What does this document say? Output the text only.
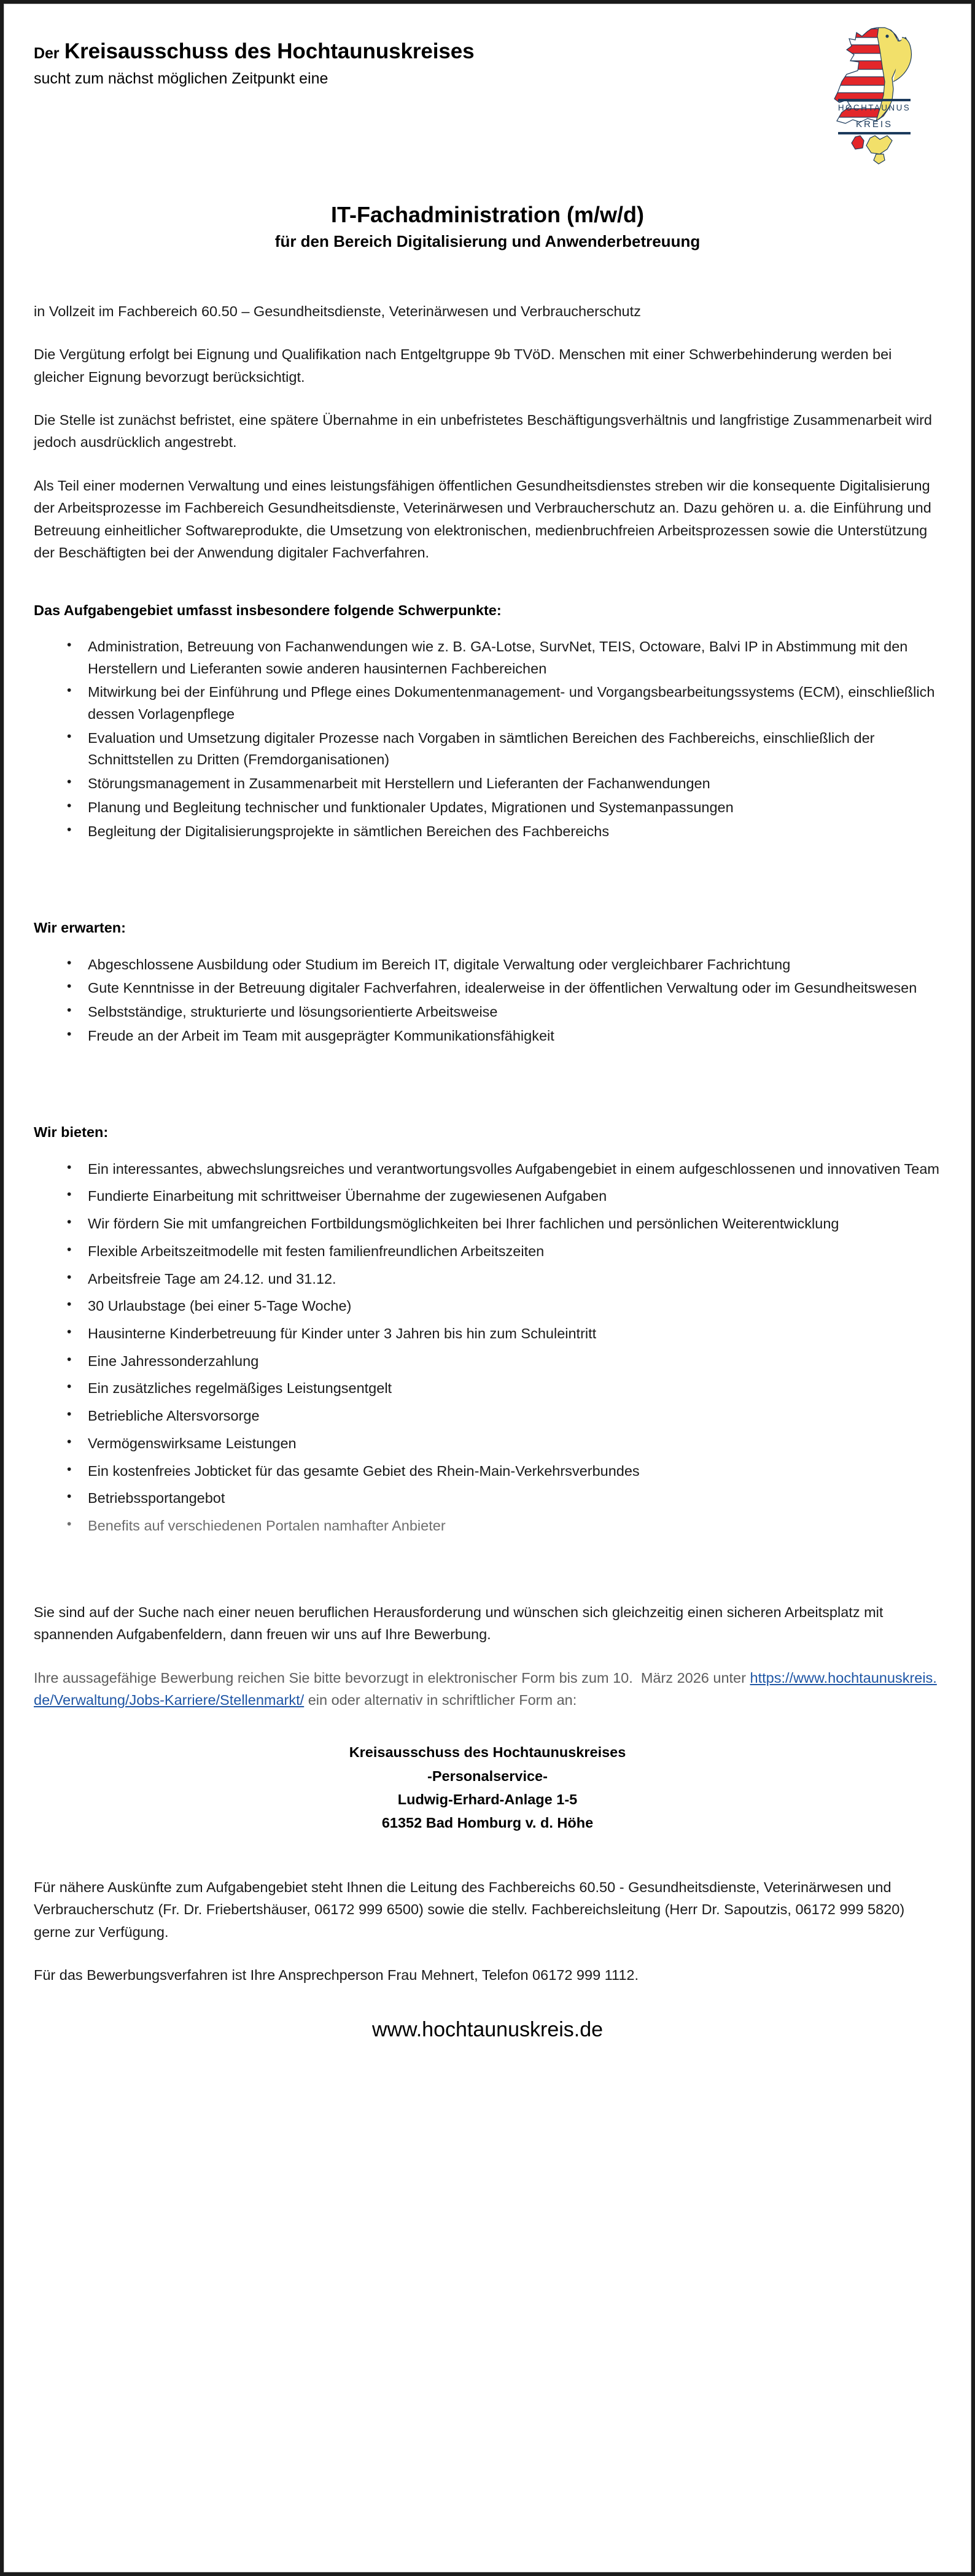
Der Kreisausschuss des Hochtaunuskreises
sucht zum nächst möglichen Zeitpunkt eine
HOCHTAUNUS
KREIS
IT-Fachadministration (m/w/d)
für den Bereich Digitalisierung und Anwenderbetreuung

in Vollzeit im Fachbereich 60.50 – Gesundheitsdienste, Veterinärwesen und Verbraucherschutz

Die Vergütung erfolgt bei Eignung und Qualifikation nach Entgeltgruppe 9b TVöD. Menschen mit einer Schwerbehinderung werden bei gleicher Eignung bevorzugt berücksichtigt.

Die Stelle ist zunächst befristet, eine spätere Übernahme in ein unbefristetes Beschäftigungsverhältnis und langfristige Zusammenarbeit wird jedoch ausdrücklich angestrebt.

Als Teil einer modernen Verwaltung und eines leistungsfähigen öffentlichen Gesundheitsdienstes streben wir die konsequente Digitalisierung der Arbeitsprozesse im Fachbereich Gesundheitsdienste, Veterinärwesen und Verbraucherschutz an. Dazu gehören u. a. die Einführung und Betreuung einheitlicher Softwareprodukte, die Umsetzung von elektronischen, medienbruchfreien Arbeitsprozessen sowie die Unterstützung der Beschäftigten bei der Anwendung digitaler Fachverfahren.

Das Aufgabengebiet umfasst insbesondere folgende Schwerpunkte:
• Administration, Betreuung von Fachanwendungen wie z. B. GA-Lotse, SurvNet, TEIS, Octoware, Balvi IP in Abstimmung mit den Herstellern und Lieferanten sowie anderen hausinternen Fachbereichen
• Mitwirkung bei der Einführung und Pflege eines Dokumentenmanagement- und Vorgangsbearbeitungssystems (ECM), einschließlich dessen Vorlagenpflege
• Evaluation und Umsetzung digitaler Prozesse nach Vorgaben in sämtlichen Bereichen des Fachbereichs, einschließlich der Schnittstellen zu Dritten (Fremdorganisationen)
• Störungsmanagement in Zusammenarbeit mit Herstellern und Lieferanten der Fachanwendungen
• Planung und Begleitung technischer und funktionaler Updates, Migrationen und Systemanpassungen
• Begleitung der Digitalisierungsprojekte in sämtlichen Bereichen des Fachbereichs
Wir erwarten:
• Abgeschlossene Ausbildung oder Studium im Bereich IT, digitale Verwaltung oder vergleichbarer Fachrichtung
• Gute Kenntnisse in der Betreuung digitaler Fachverfahren, idealerweise in der öffentlichen Verwaltung oder im Gesundheitswesen
• Selbstständige, strukturierte und lösungsorientierte Arbeitsweise
• Freude an der Arbeit im Team mit ausgeprägter Kommunikationsfähigkeit
Wir bieten:
• Ein interessantes, abwechslungsreiches und verantwortungsvolles Aufgabengebiet in einem aufgeschlossenen und innovativen Team
• Fundierte Einarbeitung mit schrittweiser Übernahme der zugewiesenen Aufgaben
• Wir fördern Sie mit umfangreichen Fortbildungsmöglichkeiten bei Ihrer fachlichen und persönlichen Weiterentwicklung
• Flexible Arbeitszeitmodelle mit festen familienfreundlichen Arbeitszeiten
• Arbeitsfreie Tage am 24.12. und 31.12.
• 30 Urlaubstage (bei einer 5-Tage Woche)
• Hausinterne Kinderbetreuung für Kinder unter 3 Jahren bis hin zum Schuleintritt
• Eine Jahressonderzahlung
• Ein zusätzliches regelmäßiges Leistungsentgelt
• Betriebliche Altersvorsorge
• Vermögenswirksame Leistungen
• Ein kostenfreies Jobticket für das gesamte Gebiet des Rhein-Main-Verkehrsverbundes
• Betriebssportangebot
• Benefits auf verschiedenen Portalen namhafter Anbieter

Sie sind auf der Suche nach einer neuen beruflichen Herausforderung und wünschen sich gleichzeitig einen sicheren Arbeitsplatz mit spannenden Aufgabenfeldern, dann freuen wir uns auf Ihre Bewerbung.

Ihre aussagefähige Bewerbung reichen Sie bitte bevorzugt in elektronischer Form bis zum 10.  März 2026 unter https://www.hochtaunuskreis.de/Verwaltung/Jobs-Karriere/Stellenmarkt/ ein oder alternativ in schriftlicher Form an:

Kreisausschuss des Hochtaunuskreises
-Personalservice-
Ludwig-Erhard-Anlage 1-5
61352 Bad Homburg v. d. Höhe

Für nähere Auskünfte zum Aufgabengebiet steht Ihnen die Leitung des Fachbereichs 60.50 - Gesundheitsdienste, Veterinärwesen und Verbraucherschutz (Fr. Dr. Friebertshäuser, 06172 999 6500) sowie die stellv. Fachbereichsleitung (Herr Dr. Sapoutzis, 06172 999 5820) gerne zur Verfügung.

Für das Bewerbungsverfahren ist Ihre Ansprechperson Frau Mehnert, Telefon 06172 999 1112.

www.hochtaunuskreis.de
